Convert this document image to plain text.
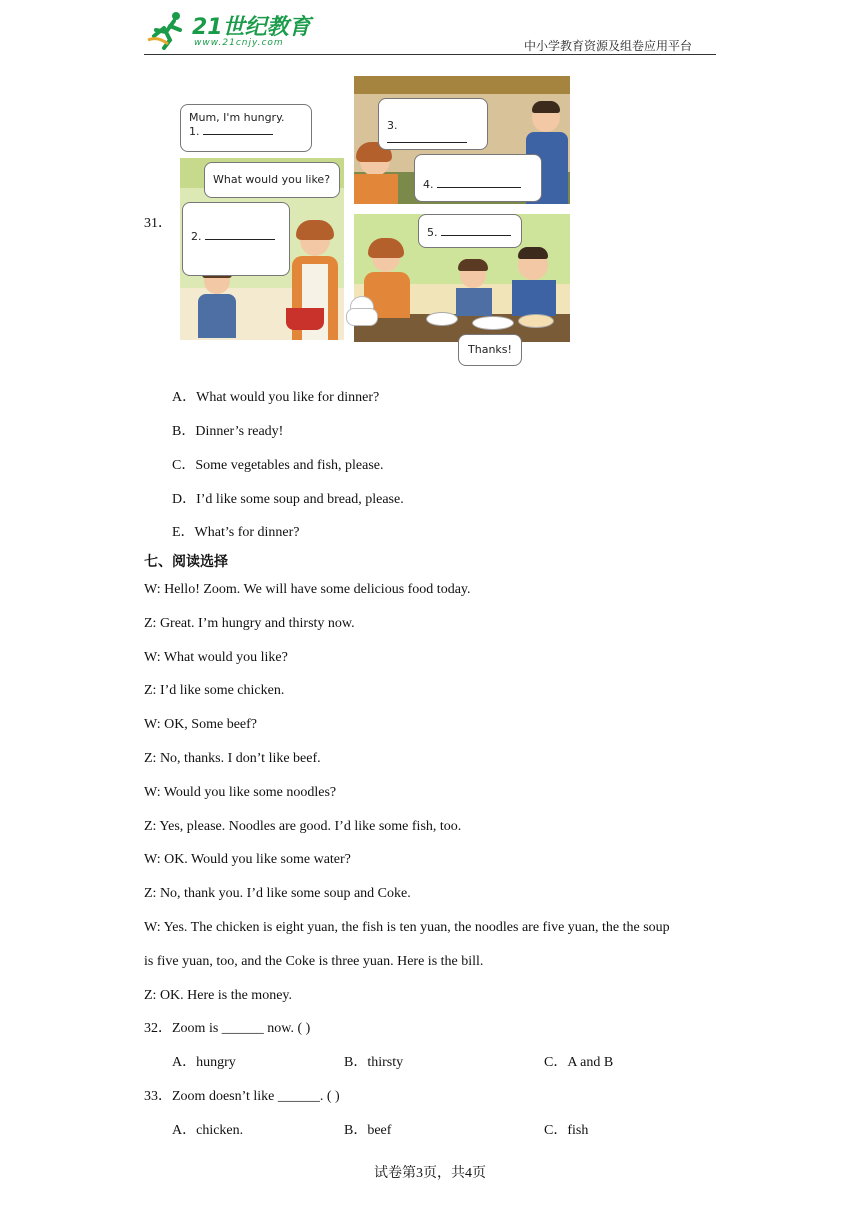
21世纪教育
www.21cnjy.com	中小学教育资源及组卷应用平台
31．
Mum, I'm hungry.
1.
What would you like?
2.
3.
4.
5.
Thanks!
A．What would you like for dinner?
B．Dinner’s ready!
C．Some vegetables and fish, please.
D．I’d like some soup and bread, please.
E．What’s for dinner?
七、阅读选择
W: Hello! Zoom. We will have some delicious food today.
Z: Great. I’m hungry and thirsty now.
W: What would you like?
Z: I’d like some chicken.
W: OK, Some beef?
Z: No, thanks. I don’t like beef.
W: Would you like some noodles?
Z: Yes, please. Noodles are good. I’d like some fish, too.
W: OK. Would you like some water?
Z: No, thank you. I’d like some soup and Coke.
W: Yes. The chicken is eight yuan, the fish is ten yuan, the noodles are five yuan, the the soup
is five yuan, too, and the Coke is three yuan. Here is the bill.
Z: OK. Here is the money.
32．Zoom is ______ now. ( )
A．hungry	B．thirsty	C．A and B
33．Zoom doesn’t like ______. ( )
A．chicken.	B．beef	C．fish
试卷第3页，共4页
